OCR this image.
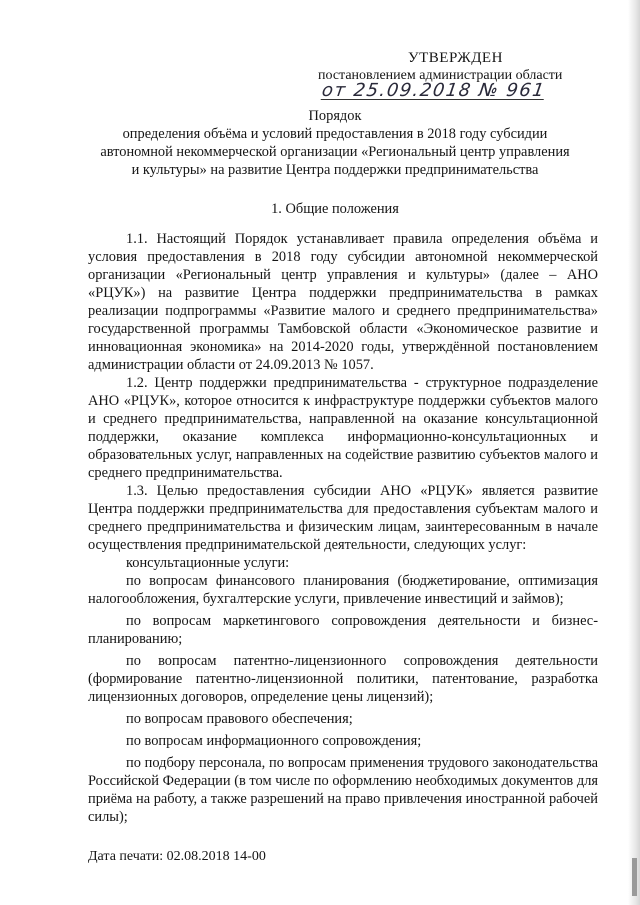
УТВЕРЖДЕН
постановлением администрации области
от 25.09.2018 № 961
Порядок
определения объёма и условий предоставления в 2018 году субсидии
автономной некоммерческой организации «Региональный центр управления
и культуры» на развитие Центра поддержки предпринимательства
1. Общие положения

1.1. Настоящий Порядок устанавливает правила определения объёма и условия предоставления в 2018 году субсидии автономной некоммерческой организации «Региональный центр управления и культуры» (далее – АНО «РЦУК») на развитие Центра поддержки предпринимательства в рамках реализации подпрограммы «Развитие малого и среднего предпринимательства» государственной программы Тамбовской области «Экономическое развитие и инновационная экономика» на 2014-2020 годы, утверждённой постановлением администрации области от 24.09.2013 № 1057.

1.2. Центр поддержки предпринимательства - структурное подразделение АНО «РЦУК», которое относится к инфраструктуре поддержки субъектов малого и среднего предпринимательства, направленной на оказание консультационной поддержки, оказание комплекса информационно-консультационных и образовательных услуг, направленных на содействие развитию субъектов малого и среднего предпринимательства.

1.3. Целью предоставления субсидии АНО «РЦУК» является развитие Центра поддержки предпринимательства для предоставления субъектам малого и среднего предпринимательства и физическим лицам, заинтересованным в начале осуществления предпринимательской деятельности, следующих услуг:

консультационные услуги:

по вопросам финансового планирования (бюджетирование, оптимизация налогообложения, бухгалтерские услуги, привлечение инвестиций и займов);

по вопросам маркетингового сопровождения деятельности и бизнес-планированию;

по вопросам патентно-лицензионного сопровождения деятельности (формирование патентно-лицензионной политики, патентование, разработка лицензионных договоров, определение цены лицензий);

по вопросам правового обеспечения;

по вопросам информационного сопровождения;

по подбору персонала, по вопросам применения трудового законодательства Российской Федерации (в том числе по оформлению необходимых документов для приёма на работу, а также разрешений на право привлечения иностранной рабочей силы);

Дата печати: 02.08.2018 14-00
